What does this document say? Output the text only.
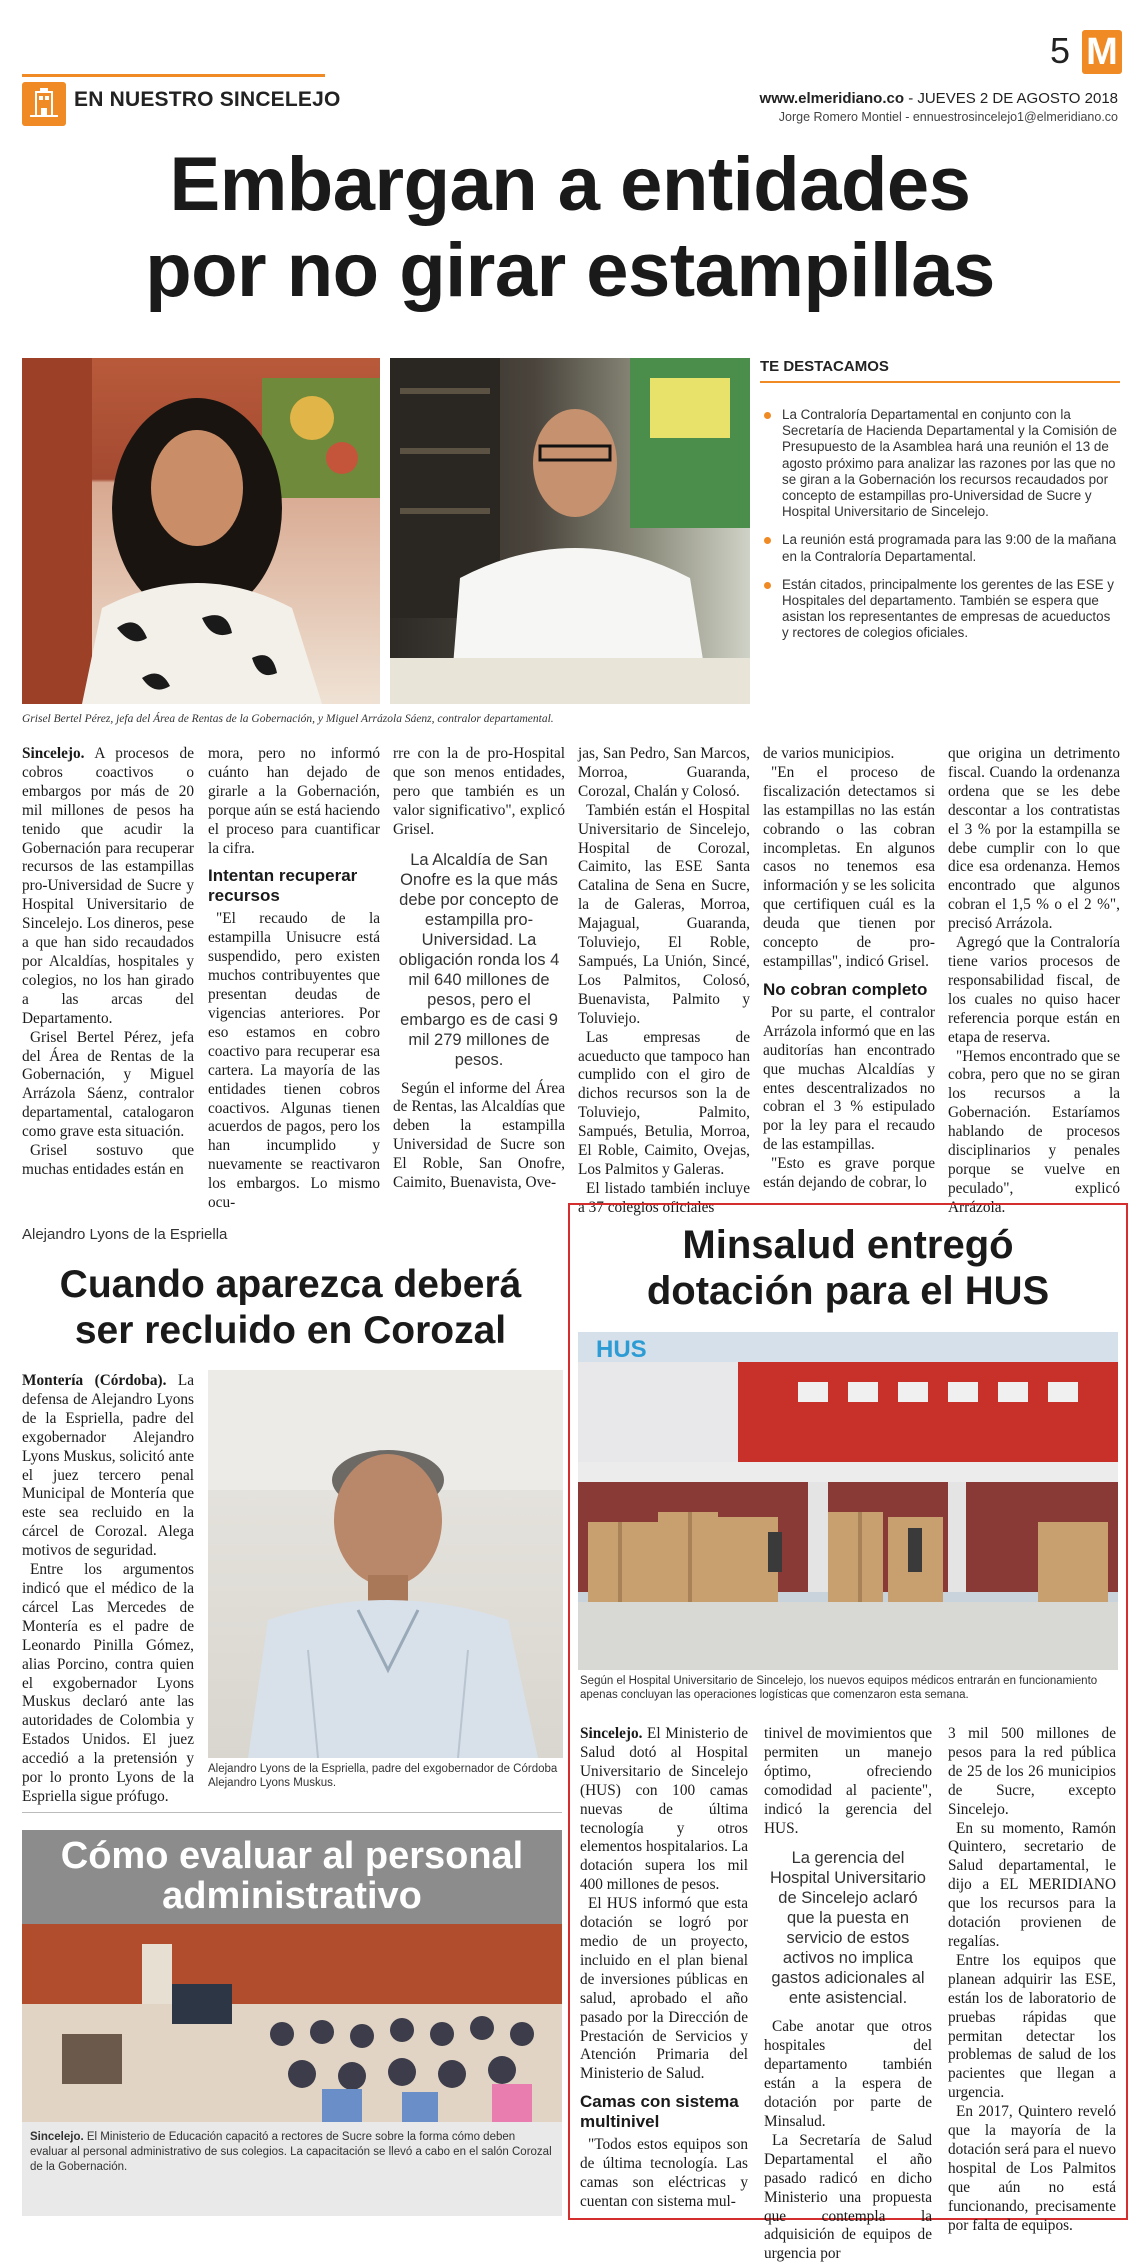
EN NUESTRO SINCELEJO
5 M
www.elmeridiano.co - JUEVES 2 DE AGOSTO 2018
Jorge Romero Montiel - ennuestrosincelejo1@elmeridiano.co
Embargan a entidades
por no girar estampillas
Grisel Bertel Pérez, jefa del Área de Rentas de la Gobernación, y Miguel Arrázola Sáenz, contralor departamental.
TE DESTACAMOS
La Contraloría Departamental en conjunto con la Secretaría de Hacienda Departamental y la Comisión de Presupuesto de la Asamblea hará una reunión el 13 de agosto próximo para analizar las razones por las que no se giran a la Gobernación los recursos recaudados por concepto de estampillas pro-Universidad de Sucre y Hospital Universitario de Sincelejo.
La reunión está programada para las 9:00 de la mañana en la Contraloría Departamental.
Están citados, principalmente los gerentes de las ESE y Hospitales del departamento. También se espera que asistan los representantes de empresas de acueductos y rectores de colegios oficiales.

Sincelejo. A procesos de cobros coactivos o embargos por más de 20 mil millones de pesos ha tenido que acudir la Gobernación para recuperar recursos de las estampillas pro-Universidad de Sucre y Hospital Universitario de Sincelejo. Los dineros, pese a que han sido recaudados por Alcaldías, hospitales y colegios, no los han girado a las arcas del Departamento.

Grisel Bertel Pérez, jefa del Área de Rentas de la Gobernación, y Miguel Arrázola Sáenz, contralor departamental, catalogaron como grave esta situación.

Grisel sostuvo que muchas entidades están en

mora, pero no informó cuánto han dejado de girarle a la Gobernación, porque aún se está haciendo el proceso para cuantificar la cifra.

Intentan recuperar recursos

"El recaudo de la estampilla Unisucre está suspendido, pero existen muchos contribuyentes que presentan deudas de vigencias anteriores. Por eso estamos en cobro coactivo para recuperar esa cartera. La mayoría de las entidades tienen cobros coactivos. Algunas tienen acuerdos de pagos, pero los han incumplido y nuevamente se reactivaron los embargos. Lo mismo ocu-

rre con la de pro-Hospital que son menos entidades, pero que también es un valor significativo", explicó Grisel.

La Alcaldía de San Onofre es la que más debe por concepto de estampilla pro-Universidad. La obligación ronda los 4 mil 640 millones de pesos, pero el embargo es de casi 9 mil 279 millones de pesos.

Según el informe del Área de Rentas, las Alcaldías que deben la estampilla Universidad de Sucre son El Roble, San Onofre, Caimito, Buenavista, Ove-

jas, San Pedro, San Marcos, Morroa, Guaranda, Corozal, Chalán y Colosó.

También están el Hospital Universitario de Sincelejo, Hospital de Corozal, Caimito, las ESE Santa Catalina de Sena en Sucre, la de Galeras, Morroa, Majagual, Guaranda, Toluviejo, El Roble, Sampués, La Unión, Sincé, Los Palmitos, Colosó, Buenavista, Palmito y Toluviejo.

Las empresas de acueducto que tampoco han cumplido con el giro de dichos recursos son la de Toluviejo, Palmito, Sampués, Betulia, Morroa, El Roble, Caimito, Ovejas, Los Palmitos y Galeras.

El listado también incluye a 37 colegios oficiales

de varios municipios.

"En el proceso de fiscalización detectamos si las estampillas no las están cobrando o las cobran incompletas. En algunos casos no tenemos esa información y se les solicita que certifiquen cuál es la deuda que tienen por concepto de pro-estampillas", indicó Grisel.

No cobran completo

Por su parte, el contralor Arrázola informó que en las auditorías han encontrado que muchas Alcaldías y entes descentralizados no cobran el 3 % estipulado por la ley para el recaudo de las estampillas.

"Esto es grave porque están dejando de cobrar, lo

que origina un detrimento fiscal. Cuando la ordenanza ordena que se les debe descontar a los contratistas el 3 % por la estampilla se debe cumplir con lo que dice esa ordenanza. Hemos encontrado que algunos cobran el 1,5 % o el 2 %", precisó Arrázola.

Agregó que la Contraloría tiene varios procesos de responsabilidad fiscal, de los cuales no quiso hacer referencia porque están en etapa de reserva.

"Hemos encontrado que se cobra, pero que no se giran los recursos a la Gobernación. Estaríamos hablando de procesos disciplinarios y penales porque se vuelve en peculado", explicó Arrázola.

Alejandro Lyons de la Espriella
Cuando aparezca deberá
ser recluido en Corozal

Montería (Córdoba). La defensa de Alejandro Lyons de la Espriella, padre del exgobernador Alejandro Lyons Muskus, solicitó ante el juez tercero penal Municipal de Montería que este sea recluido en la cárcel de Corozal. Alega motivos de seguridad.

Entre los argumentos indicó que el médico de la cárcel Las Mercedes de Montería es el padre de Leonardo Pinilla Gómez, alias Porcino, contra quien el exgobernador Lyons Muskus declaró ante las autoridades de Colombia y Estados Unidos. El juez accedió a la pretensión y por lo pronto Lyons de la Espriella sigue prófugo.

Alejandro Lyons de la Espriella, padre del exgobernador de Córdoba Alejandro Lyons Muskus.
Cómo evaluar al personal
administrativo
Sincelejo. El Ministerio de Educación capacitó a rectores de Sucre sobre la forma cómo deben evaluar al personal administrativo de sus colegios. La capacitación se llevó a cabo en el salón Corozal de la Gobernación.
Minsalud entregó
dotación para el HUS
HUS
Según el Hospital Universitario de Sincelejo, los nuevos equipos médicos entrarán en funcionamiento apenas concluyan las operaciones logísticas que comenzaron esta semana.

Sincelejo. El Ministerio de Salud dotó al Hospital Universitario de Sincelejo (HUS) con 100 camas nuevas de última tecnología y otros elementos hospitalarios. La dotación supera los mil 400 millones de pesos.

El HUS informó que esta dotación se logró por medio de un proyecto, incluido en el plan bienal de inversiones públicas en salud, aprobado el año pasado por la Dirección de Prestación de Servicios y Atención Primaria del Ministerio de Salud.

Camas con sistema multinivel

"Todos estos equipos son de última tecnología. Las camas son eléctricas y cuentan con sistema mul-

tinivel de movimientos que permiten un manejo óptimo, ofreciendo comodidad al paciente", indicó la gerencia del HUS.

La gerencia del Hospital Universitario de Sincelejo aclaró que la puesta en servicio de estos activos no implica gastos adicionales al ente asistencial.

Cabe anotar que otros hospitales del departamento también están a la espera de dotación por parte de Minsalud.

La Secretaría de Salud Departamental el año pasado radicó en dicho Ministerio una propuesta que contempla la adquisición de equipos de urgencia por

3 mil 500 millones de pesos para la red pública de 25 de los 26 municipios de Sucre, excepto Sincelejo.

En su momento, Ramón Quintero, secretario de Salud departamental, le dijo a EL MERIDIANO que los recursos para la dotación provienen de regalías.

Entre los equipos que planean adquirir las ESE, están los de laboratorio de pruebas rápidas que permitan detectar los problemas de salud de los pacientes que llegan a urgencia.

En 2017, Quintero reveló que la mayoría de la dotación será para el nuevo hospital de Los Palmitos que aún no está funcionando, precisamente por falta de equipos.
